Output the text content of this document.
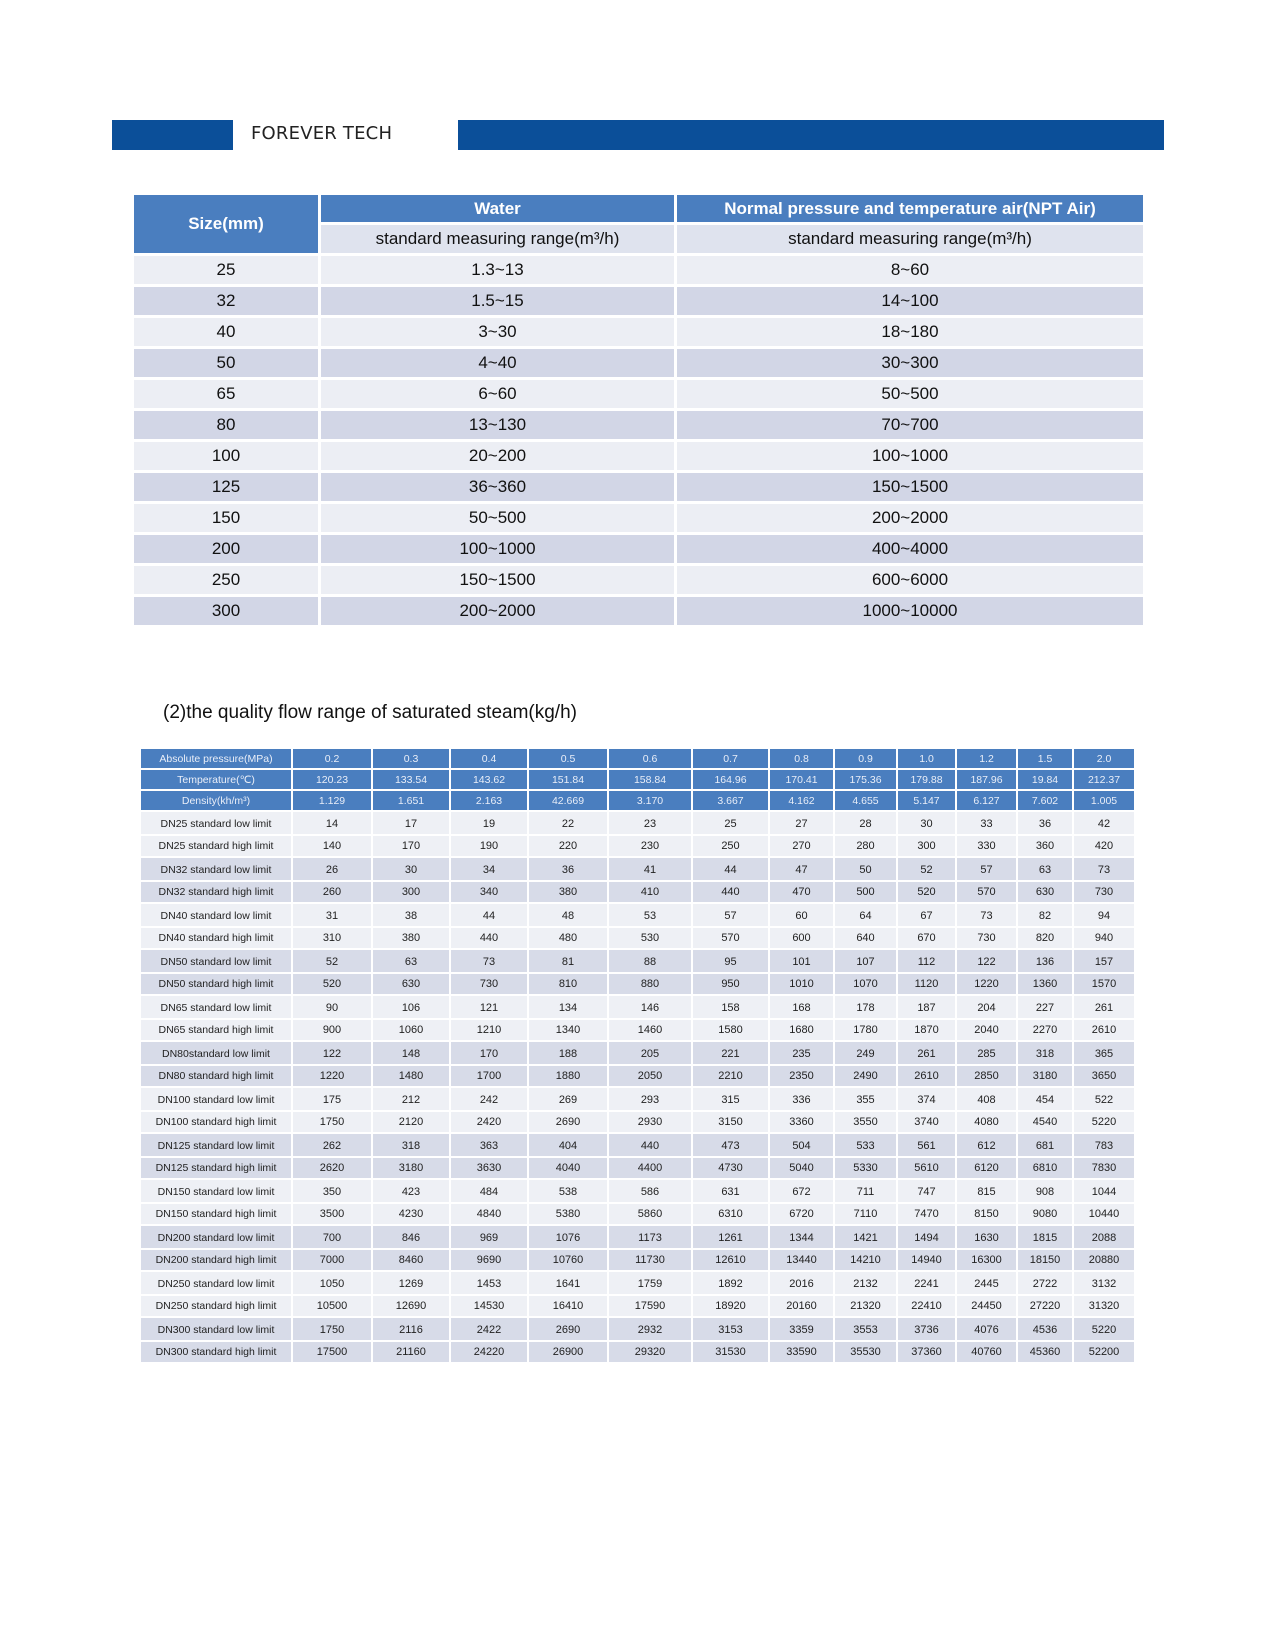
FOREVER TECH
Size(mm)	Water	Normal pressure and temperature air(NPT Air)
	standard measuring range(m³/h)	standard measuring range(m³/h)
25	1.3~13	8~60
32	1.5~15	14~100
40	3~30	18~180
50	4~40	30~300
65	6~60	50~500
80	13~130	70~700
100	20~200	100~1000
125	36~360	150~1500
150	50~500	200~2000
200	100~1000	400~4000
250	150~1500	600~6000
300	200~2000	1000~10000
(2)the quality flow range of saturated steam(kg/h)
Absolute pressure(MPa)	0.2	0.3	0.4	0.5	0.6	0.7	0.8	0.9	1.0	1.2	1.5	2.0
Temperature(℃)	120.23	133.54	143.62	151.84	158.84	164.96	170.41	175.36	179.88	187.96	19.84	212.37
Density(kh/m³)	1.129	1.651	2.163	42.669	3.170	3.667	4.162	4.655	5.147	6.127	7.602	1.005
DN25 standard low limit	14	17	19	22	23	25	27	28	30	33	36	42
DN25 standard high limit	140	170	190	220	230	250	270	280	300	330	360	420
DN32 standard low limit	26	30	34	36	41	44	47	50	52	57	63	73
DN32 standard high limit	260	300	340	380	410	440	470	500	520	570	630	730
DN40 standard low limit	31	38	44	48	53	57	60	64	67	73	82	94
DN40 standard high limit	310	380	440	480	530	570	600	640	670	730	820	940
DN50 standard low limit	52	63	73	81	88	95	101	107	112	122	136	157
DN50 standard high limit	520	630	730	810	880	950	1010	1070	1120	1220	1360	1570
DN65 standard low limit	90	106	121	134	146	158	168	178	187	204	227	261
DN65 standard high limit	900	1060	1210	1340	1460	1580	1680	1780	1870	2040	2270	2610
DN80standard low limit	122	148	170	188	205	221	235	249	261	285	318	365
DN80 standard high limit	1220	1480	1700	1880	2050	2210	2350	2490	2610	2850	3180	3650
DN100 standard low limit	175	212	242	269	293	315	336	355	374	408	454	522
DN100 standard high limit	1750	2120	2420	2690	2930	3150	3360	3550	3740	4080	4540	5220
DN125 standard low limit	262	318	363	404	440	473	504	533	561	612	681	783
DN125 standard high limit	2620	3180	3630	4040	4400	4730	5040	5330	5610	6120	6810	7830
DN150 standard low limit	350	423	484	538	586	631	672	711	747	815	908	1044
DN150 standard high limit	3500	4230	4840	5380	5860	6310	6720	7110	7470	8150	9080	10440
DN200 standard low limit	700	846	969	1076	1173	1261	1344	1421	1494	1630	1815	2088
DN200 standard high limit	7000	8460	9690	10760	11730	12610	13440	14210	14940	16300	18150	20880
DN250 standard low limit	1050	1269	1453	1641	1759	1892	2016	2132	2241	2445	2722	3132
DN250 standard high limit	10500	12690	14530	16410	17590	18920	20160	21320	22410	24450	27220	31320
DN300 standard low limit	1750	2116	2422	2690	2932	3153	3359	3553	3736	4076	4536	5220
DN300 standard high limit	17500	21160	24220	26900	29320	31530	33590	35530	37360	40760	45360	52200
